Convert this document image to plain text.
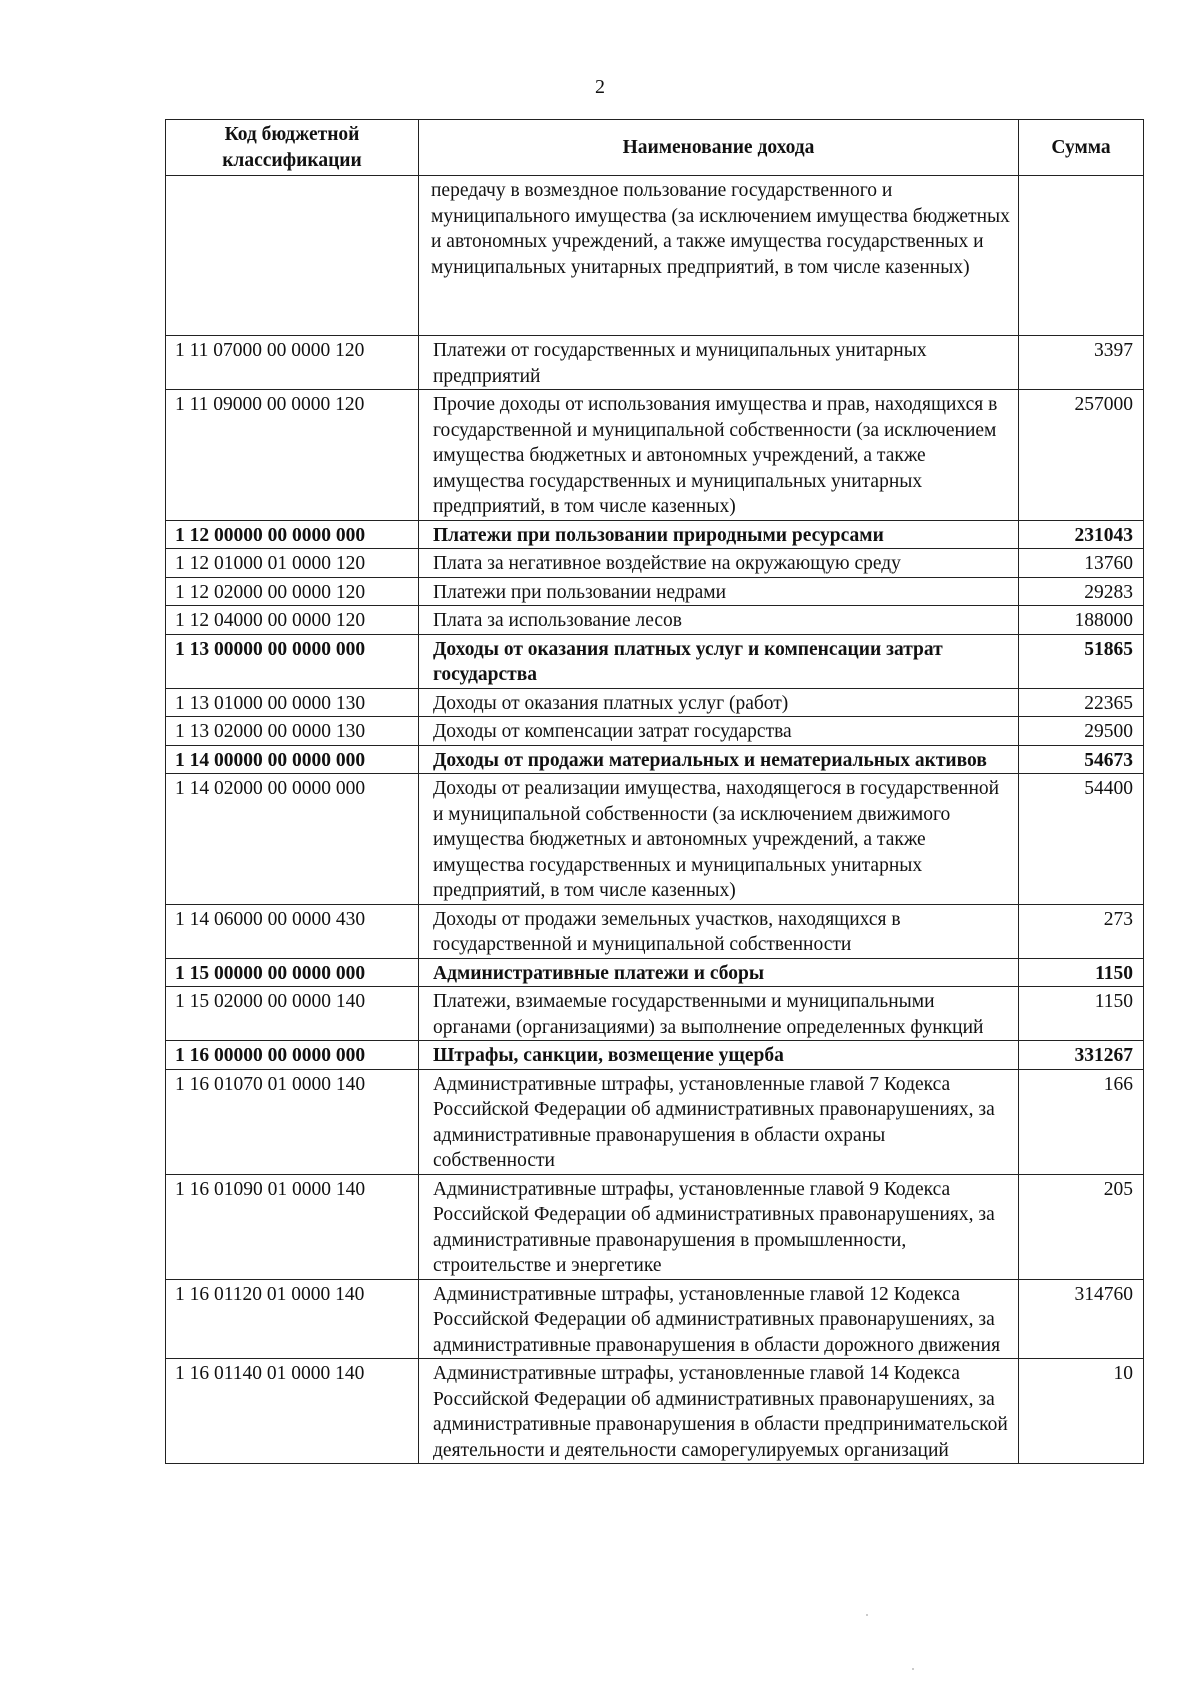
2
Код бюджетной классификации	Наименование дохода	Сумма
	передачу в возмездное пользование государственного и муниципального имущества (за исключением имущества бюджетных и автономных учреждений, а также имущества государственных и муниципальных унитарных предприятий, в том числе казенных)	
1 11 07000 00 0000 120	Платежи от государственных и муниципальных унитарных предприятий	3397
1 11 09000 00 0000 120	Прочие доходы от использования имущества и прав, находящихся в государственной и муниципальной собственности (за исключением имущества бюджетных и автономных учреждений, а также имущества государственных и муниципальных унитарных предприятий, в том числе казенных)	257000
1 12 00000 00 0000 000	Платежи при пользовании природными ресурсами	231043
1 12 01000 01 0000 120	Плата за негативное воздействие на окружающую среду	13760
1 12 02000 00 0000 120	Платежи при пользовании недрами	29283
1 12 04000 00 0000 120	Плата за использование лесов	188000
1 13 00000 00 0000 000	Доходы от оказания платных услуг и компенсации затрат государства	51865
1 13 01000 00 0000 130	Доходы от оказания платных услуг (работ)	22365
1 13 02000 00 0000 130	Доходы от компенсации затрат государства	29500
1 14 00000 00 0000 000	Доходы от продажи материальных и нематериальных активов	54673
1 14 02000 00 0000 000	Доходы от реализации имущества, находящегося в государственной и муниципальной собственности (за исключением движимого имущества бюджетных и автономных учреждений, а также имущества государственных и муниципальных унитарных предприятий, в том числе казенных)	54400
1 14 06000 00 0000 430	Доходы от продажи земельных участков, находящихся в государственной и муниципальной собственности	273
1 15 00000 00 0000 000	Административные платежи и сборы	1150
1 15 02000 00 0000 140	Платежи, взимаемые государственными и муниципальными органами (организациями) за выполнение определенных функций	1150
1 16 00000 00 0000 000	Штрафы, санкции, возмещение ущерба	331267
1 16 01070 01 0000 140	Административные штрафы, установленные главой 7 Кодекса Российской Федерации об административных правонарушениях, за административные правонарушения в области охраны собственности	166
1 16 01090 01 0000 140	Административные штрафы, установленные главой 9 Кодекса Российской Федерации об административных правонарушениях, за административные правонарушения в промышленности, строительстве и энергетике	205
1 16 01120 01 0000 140	Административные штрафы, установленные главой 12 Кодекса Российской Федерации об административных правонарушениях, за административные правонарушения в области дорожного движения	314760
1 16 01140 01 0000 140	Административные штрафы, установленные главой 14 Кодекса Российской Федерации об административных правонарушениях, за административные правонарушения в области предпринимательской деятельности и деятельности саморегулируемых организаций	10
